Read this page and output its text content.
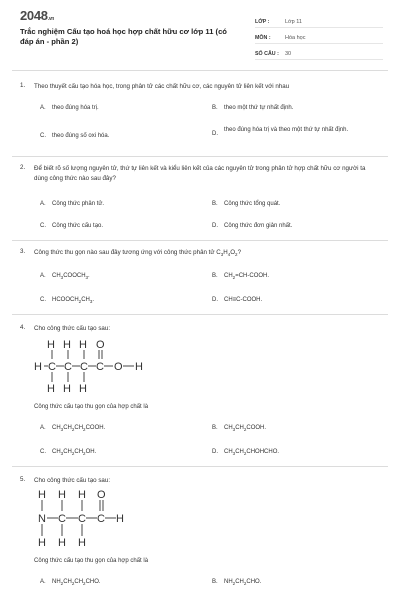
2048.vn
Trắc nghiệm Cấu tạo hoá học hợp chất hữu cơ lớp 11 (có đáp án - phần 2)
LỚP :	Lớp 11
MÔN :	Hóa học
SỐ CÂU :	30
1. Theo thuyết cấu tạo hóa học, trong phân tử các chất hữu cơ, các nguyên tử liên kết với nhau
A. theo đúng hóa trị.	B. theo một thứ tự nhất định.
C. theo đúng số oxi hóa.	D.
theo đúng hóa trị và theo một thứ tự nhất định.
2. Để biết rõ số lượng nguyên tử, thứ tự liên kết và kiểu liên kết của các nguyên tử trong phân tử hợp chất hữu cơ người ta dùng công thức nào sau đây?
A. Công thức phân tử.	B. Công thức tổng quát.
C. Công thức cấu tạo.	D. Công thức đơn giản nhất.
3. Công thức thu gọn nào sau đây tương ứng với công thức phân tử $C_3H_4O_2$?
A. $CH_3COOCH_3$.	B. $CH_2=CH$-COOH.
C. $HCOOCH_2CH_3$.	D. CH≡C-COOH.
4. Cho công thức cấu tạo sau:
H H H O
H C C C C O H
H H H
Công thức cấu tạo thu gọn của hợp chất là
A. $CH_3CH_2CH_2COOH$.	B. $CH_3CH_2COOH$.
C. $CH_3CH_2CH_2OH$.	D. $CH_3CH_2CHOHCHO$.
5. Cho công thức cấu tạo sau:
H H H O
N C C C H
H H H
Công thức cấu tạo thu gọn của hợp chất là
A. $NH_2CH_2CH_2CHO$.	B. $NH_2CH_2CHO$.
